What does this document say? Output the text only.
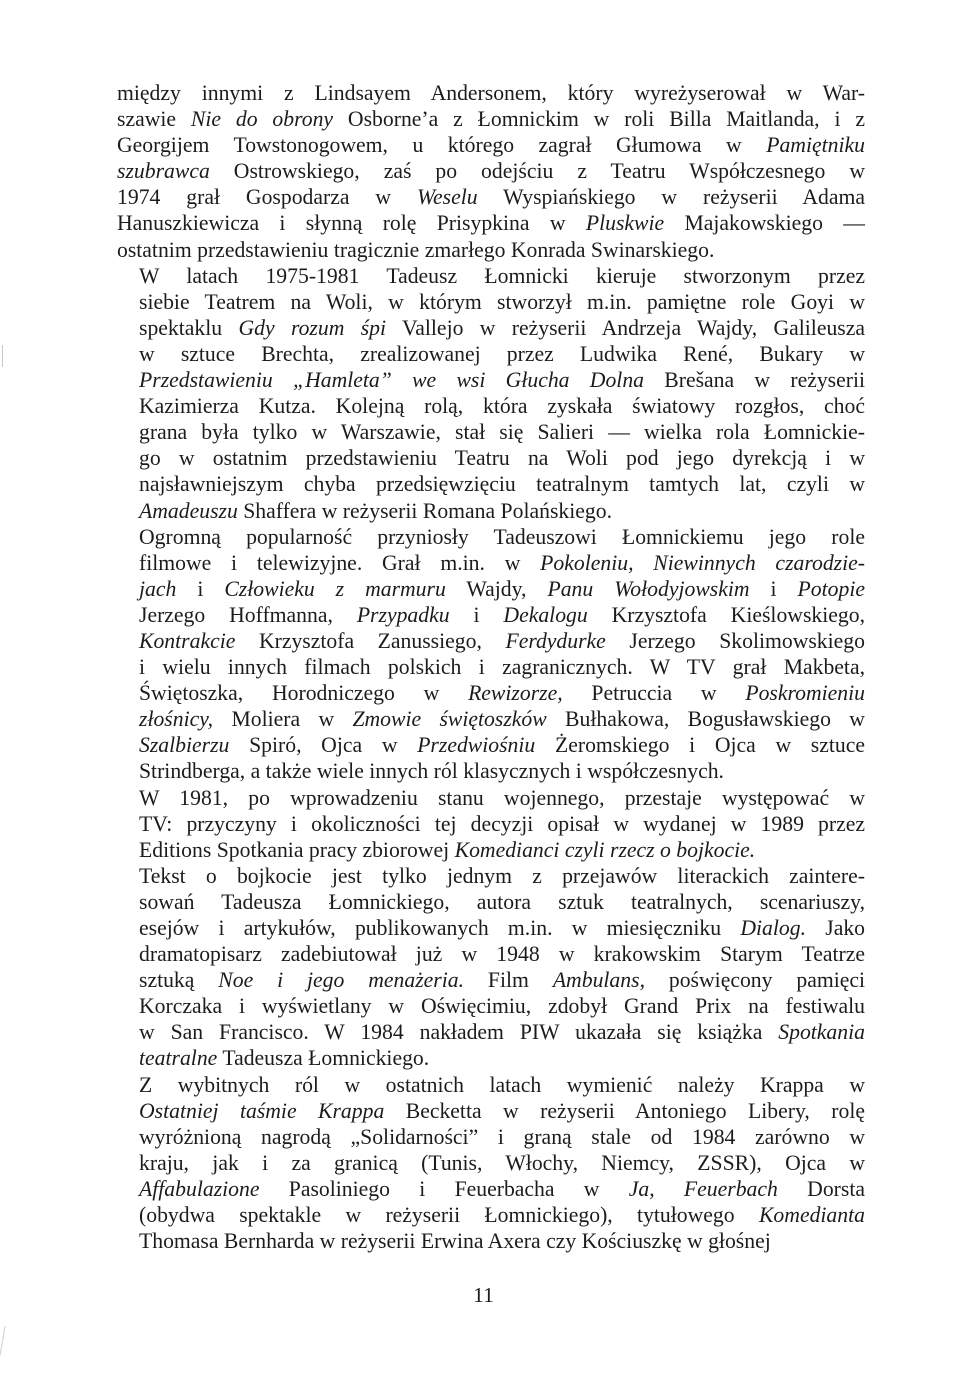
między innymi z Lindsayem Andersonem, który wyreżyserował w War-
szawie Nie do obrony Osborne’a z Łomnickim w roli Billa Maitlanda, i z
Georgijem Towstonogowem, u którego zagrał Głumowa w Pamiętniku
szubrawca Ostrowskiego, zaś po odejściu z Teatru Współczesnego w
1974 grał Gospodarza w Weselu Wyspiańskiego w reżyserii Adama
Hanuszkiewicza i słynną rolę Prisypkina w Pluskwie Majakowskiego —
ostatnim przedstawieniu tragicznie zmarłego Konrada Swinarskiego.

W latach 1975-1981 Tadeusz Łomnicki kieruje stworzonym przez
siebie Teatrem na Woli, w którym stworzył m.in. pamiętne role Goyi w
spektaklu Gdy rozum śpi Vallejo w reżyserii Andrzeja Wajdy, Galileusza
w sztuce Brechta, zrealizowanej przez Ludwika René, Bukary w
Przedstawieniu „Hamleta” we wsi Głucha Dolna Brešana w reżyserii
Kazimierza Kutza. Kolejną rolą, która zyskała światowy rozgłos, choć
grana była tylko w Warszawie, stał się Salieri — wielka rola Łomnickie-
go w ostatnim przedstawieniu Teatru na Woli pod jego dyrekcją i w
najsławniejszym chyba przedsięwzięciu teatralnym tamtych lat, czyli w
Amadeuszu Shaffera w reżyserii Romana Polańskiego.

Ogromną popularność przyniosły Tadeuszowi Łomnickiemu jego role
filmowe i telewizyjne. Grał m.in. w Pokoleniu, Niewinnych czarodzie-
jach i Człowieku z marmuru Wajdy, Panu Wołodyjowskim i Potopie
Jerzego Hoffmanna, Przypadku i Dekalogu Krzysztofa Kieślowskiego,
Kontrakcie Krzysztofa Zanussiego, Ferdydurke Jerzego Skolimowskiego
i wielu innych filmach polskich i zagranicznych. W TV grał Makbeta,
Świętoszka, Horodniczego w Rewizorze, Petruccia w Poskromieniu
złośnicy, Moliera w Zmowie świętoszków Bułhakowa, Bogusławskiego w
Szalbierzu Spiró, Ojca w Przedwiośniu Żeromskiego i Ojca w sztuce
Strindberga, a także wiele innych ról klasycznych i współczesnych.

W 1981, po wprowadzeniu stanu wojennego, przestaje występować w
TV: przyczyny i okoliczności tej decyzji opisał w wydanej w 1989 przez
Editions Spotkania pracy zbiorowej Komedianci czyli rzecz o bojkocie.

Tekst o bojkocie jest tylko jednym z przejawów literackich zaintere-
sowań Tadeusza Łomnickiego, autora sztuk teatralnych, scenariuszy,
esejów i artykułów, publikowanych m.in. w miesięczniku Dialog. Jako
dramatopisarz zadebiutował już w 1948 w krakowskim Starym Teatrze
sztuką Noe i jego menażeria. Film Ambulans, poświęcony pamięci
Korczaka i wyświetlany w Oświęcimiu, zdobył Grand Prix na festiwalu
w San Francisco. W 1984 nakładem PIW ukazała się książka Spotkania
teatralne Tadeusza Łomnickiego.

Z wybitnych ról w ostatnich latach wymienić należy Krappa w
Ostatniej taśmie Krappa Becketta w reżyserii Antoniego Libery, rolę
wyróżnioną nagrodą „Solidarności” i graną stale od 1984 zarówno w
kraju, jak i za granicą (Tunis, Włochy, Niemcy, ZSSR), Ojca w
Affabulazione Pasoliniego i Feuerbacha w Ja, Feuerbach Dorsta
(obydwa spektakle w reżyserii Łomnickiego), tytułowego Komedianta
Thomasa Bernharda w reżyserii Erwina Axera czy Kościuszkę w głośnej

11
